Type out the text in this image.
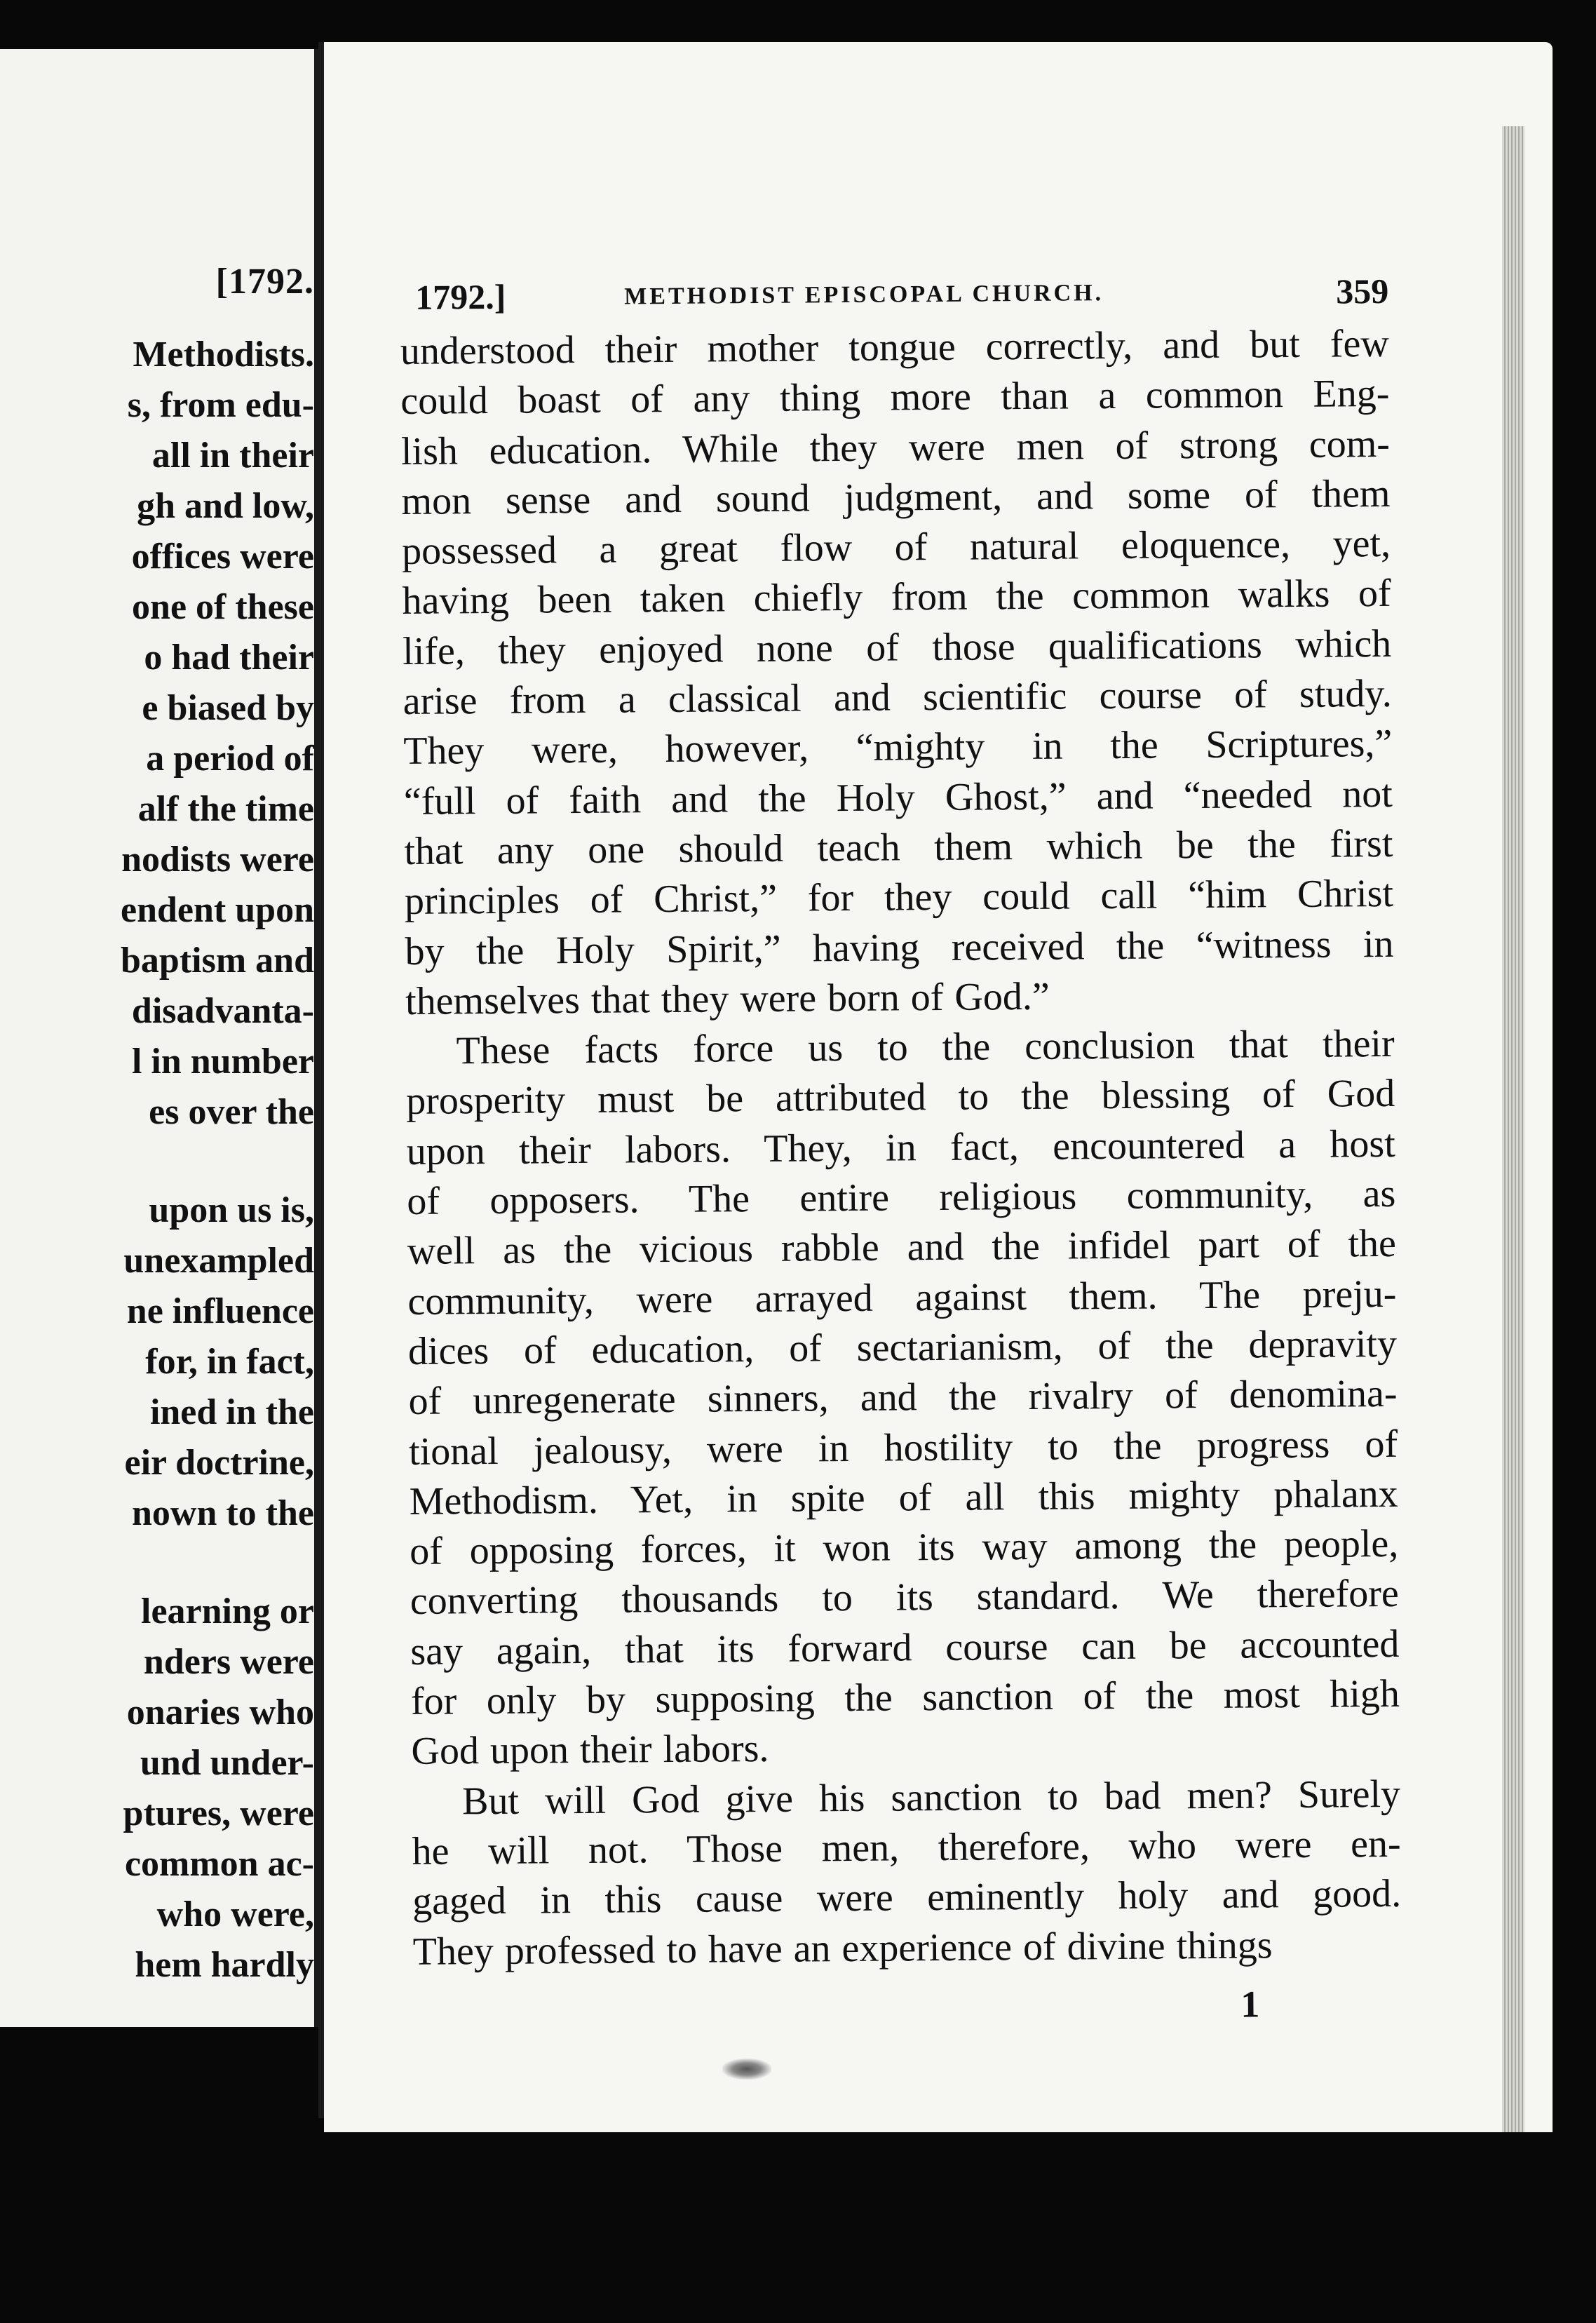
[1792.
Methodists.
s, from edu-
all in their
gh and low,
offices were
one of these
o had their
e biased by
a period of
alf the time
nodists were
endent upon
baptism and
disadvanta-
l in number
es over the
upon us is,
unexampled
ne influence
for, in fact,
ined in the
eir doctrine,
nown to the
learning or
nders were
onaries who
und under-
ptures, were
common ac-
who were,
hem hardly
1792.]	METHODIST EPISCOPAL CHURCH.	359
understood their mother tongue correctly, and but few
could boast of any thing more than a common Eng-
lish education. While they were men of strong com-
mon sense and sound judgment, and some of them
possessed a great flow of natural eloquence, yet,
having been taken chiefly from the common walks of
life, they enjoyed none of those qualifications which
arise from a classical and scientific course of study.
They were, however, “mighty in the Scriptures,”
“full of faith and the Holy Ghost,” and “needed not
that any one should teach them which be the first
principles of Christ,” for they could call “him Christ
by the Holy Spirit,” having received the “witness in
themselves that they were born of God.”
These facts force us to the conclusion that their
prosperity must be attributed to the blessing of God
upon their labors. They, in fact, encountered a host
of opposers. The entire religious community, as
well as the vicious rabble and the infidel part of the
community, were arrayed against them. The preju-
dices of education, of sectarianism, of the depravity
of unregenerate sinners, and the rivalry of denomina-
tional jealousy, were in hostility to the progress of
Methodism. Yet, in spite of all this mighty phalanx
of opposing forces, it won its way among the people,
converting thousands to its standard. We therefore
say again, that its forward course can be accounted
for only by supposing the sanction of the most high
God upon their labors.
But will God give his sanction to bad men? Surely
he will not. Those men, therefore, who were en-
gaged in this cause were eminently holy and good.
They professed to have an experience of divine things
1
